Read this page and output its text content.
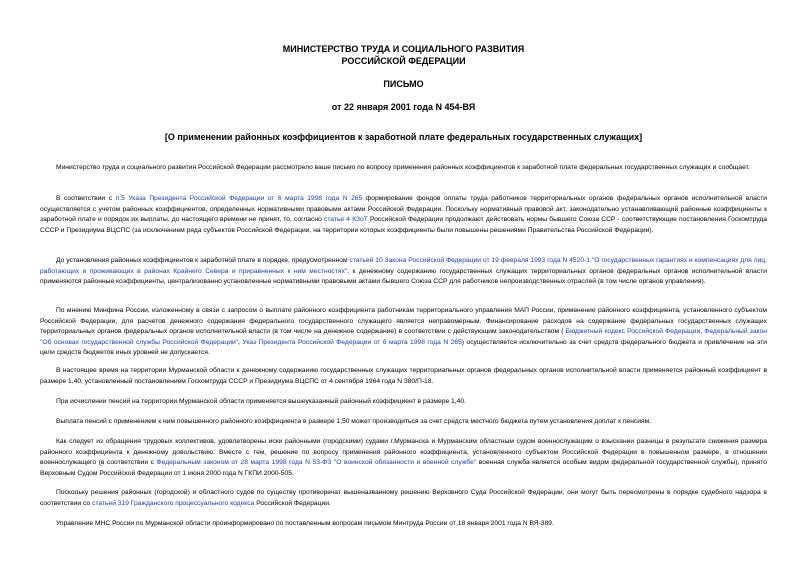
МИНИСТЕРСТВО ТРУДА И СОЦИАЛЬНОГО РАЗВИТИЯ
РОССИЙСКОЙ ФЕДЕРАЦИИ
ПИСЬМО
от 22 января 2001 года N 454-ВЯ
[О применении районных коэффициентов к заработной плате федеральных государственных служащих]
Министерство труда и социального развития Российской Федерации рассмотрело ваше письмо по вопросу применения районных коэффициентов к заработной плате федеральных государственных служащих и сообщает.
В соответствии с п.5 Указа Президента Российской Федерации от 6 марта 1998 года N 265 формирование фондов оплаты труда работников территориальных органов федеральных органов исполнительной власти осуществляется с учетом районных коэффициентов, определенных нормативными правовыми актами Российской Федерации. Поскольку нормативный правовой акт, законодательно устанавливающий районные коэффициенты к заработной плате и порядок их выплаты, до настоящего времени не принят, то, согласно статье 4 КЗоТ Российской Федерации продолжают действовать нормы бывшего Союза ССР - соответствующие постановления Госкомтруда СССР и Президиума ВЦСПС (за исключением ряда субъектов Российской Федерации, на территории которых коэффициенты были повышены решениями Правительства Российской Федерации).
До установления районных коэффициентов к заработной плате в порядке, предусмотренном статьей 10 Закона Российской Федерации от 19 февраля 1993 года N 4520-1 "О государственных гарантиях и компенсациях для лиц, работающих и проживающих в районах Крайнего Севера и приравненных к ним местностях", к денежному содержанию государственных служащих территориальных органов федеральных органов исполнительной власти применяются районные коэффициенты, централизованно установленные нормативными правовыми актами бывшего Союза ССР для работников непроизводственных отраслей (в том числе органов управления).
По мнению Минфина России, изложенному в связи с запросом о выплате районного коэффициента работникам территориального управления МАП России, применение районного коэффициента, установленного субъектом Российской Федерации, для расчетов денежного содержания федерального государственного служащего является неправомерным. Финансирование расходов на содержание федеральных государственных служащих территориальных органов федеральных органов исполнительной власти (в том числе на денежное содержание) в соответствии с действующим законодательством ( Бюджетный кодекс Российской Федерации, Федеральный закон "Об основах государственной службы Российской Федерации", Указ Президента Российской Федерации от 6 марта 1998 года N 265) осуществляется исключительно за счет средств федерального бюджета и привлечение на эти цели средств бюджетов иных уровней не допускается.
В настоящее время на территории Мурманской области к денежному содержанию государственных служащих территориальных органов федеральных органов исполнительной власти применяется районный коэффициент в размере 1,40, установленный постановлением Госкомтруда СССР и Президиума ВЦСПС от 4 сентября 1964 года N 380/П-18.
При исчислении пенсий на территории Мурманской области применяется вышеуказанный районный коэффициент в размере 1,40.
Выплата пенсий с применением к ним повышенного районного коэффициента в размере 1,50 может производиться за счет средств местного бюджета путем установления доплат к пенсиям.
Как следует из обращения трудовых коллективов, удовлетворены иски районными (городскими) судами г.Мурманска и Мурманским областным судом военнослужащим о взыскании разницы в результате снижения размера районного коэффициента к денежному довольствию. Вместе с тем, решение по вопросу применения районного коэффициента, установленного субъектом Российской Федерации в повышенном размере, в отношении военнослужащего (в соответствии с Федеральным законом от 28 марта 1998 года N 53-ФЗ "О воинской обязанности и военной службе" военная служба является особым видом федеральной государственной службы), принято Верховным Судом Российской Федерации от 1 июня 2000 года N ГКПИ 2000-505.
Поскольку решения районных (городской) и областного судов по существу противоречат вышеназванному решению Верховного Суда Российской Федерации, они могут быть пересмотрены в порядке судебного надзора в соответствии со статьей 319 Гражданского процессуального кодекса Российской Федерации.
Управление МНС России по Мурманской области проинформировано по поставленным вопросам письмом Минтруда России от 18 января 2001 года N ВЯ-389.
